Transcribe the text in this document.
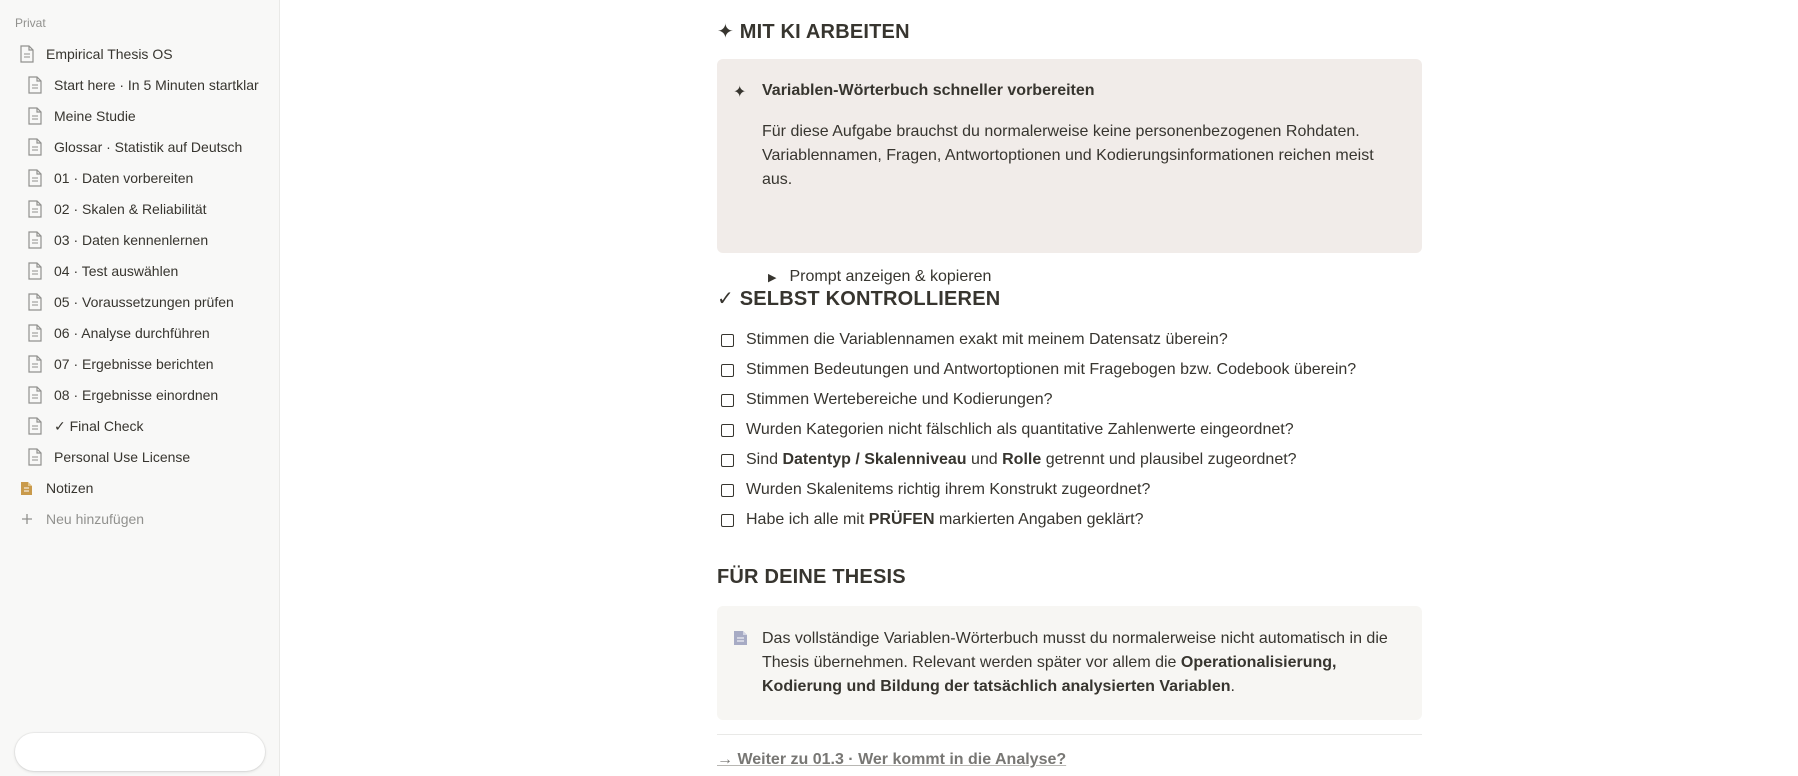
Privat
Empirical Thesis OS
Start here · In 5 Minuten startklar
Meine Studie
Glossar · Statistik auf Deutsch
01 · Daten vorbereiten
02 · Skalen & Reliabilität
03 · Daten kennenlernen
04 · Test auswählen
05 · Voraussetzungen prüfen
06 · Analyse durchführen
07 · Ergebnisse berichten
08 · Ergebnisse einordnen
✓ Final Check
Personal Use License
Notizen
Neu hinzufügen
✦ MIT KI ARBEITEN
✦ Variablen-Wörterbuch schneller vorbereiten
Für diese Aufgabe brauchst du normalerweise keine personenbezogenen Rohdaten. Variablennamen, Fragen, Antwortoptionen und Kodierungsinformationen reichen meist aus.
▶ Prompt anzeigen & kopieren
✓ SELBST KONTROLLIEREN
Stimmen die Variablennamen exakt mit meinem Datensatz überein?
Stimmen Bedeutungen und Antwortoptionen mit Fragebogen bzw. Codebook überein?
Stimmen Wertebereiche und Kodierungen?
Wurden Kategorien nicht fälschlich als quantitative Zahlenwerte eingeordnet?
Sind Datentyp / Skalenniveau und Rolle getrennt und plausibel zugeordnet?
Wurden Skalenitems richtig ihrem Konstrukt zugeordnet?
Habe ich alle mit PRÜFEN markierten Angaben geklärt?
FÜR DEINE THESIS
Das vollständige Variablen-Wörterbuch musst du normalerweise nicht automatisch in die Thesis übernehmen. Relevant werden später vor allem die Operationalisierung, Kodierung und Bildung der tatsächlich analysierten Variablen.
→ Weiter zu 01.3 · Wer kommt in die Analyse?
